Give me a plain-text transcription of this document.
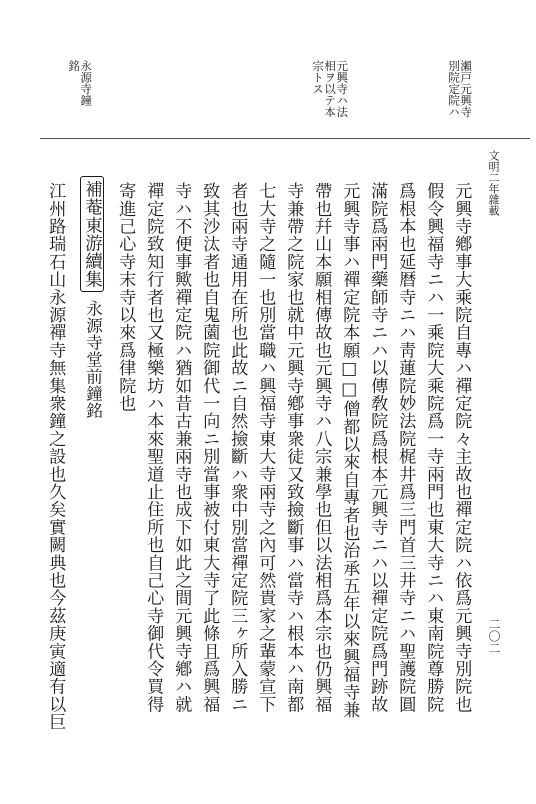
文明二年雜載
二〇二
瀬戸元興寺別院定院ハ
元興寺ハ法相ヲ以テ本宗トス
永源寺鐘銘
元興寺鄕事大乘院自專ハ禪定院々主故也禪定院ハ依爲元興寺別院也
假令興福寺ニハ一乘院大乘院爲一寺兩門也東大寺ニハ東南院尊勝院
爲根本也延暦寺ニハ靑蓮院妙法院梶井爲三門首三井寺ニハ聖護院圓
滿院爲兩門藥師寺ニハ以傳敎院爲根本元興寺ニハ以禪定院爲門跡故
元興寺事ハ禪定院本願□□僧都以來自專者也治承五年以來興福寺兼
帶也幷山本願相傳故也元興寺ハ八宗兼學也但以法相爲本宗也仍興福
寺兼帶之院家也就中元興寺鄕事衆徒又致撿斷事ハ當寺ハ根本ハ南都
七大寺之隨一也別當職ハ興福寺東大寺兩寺之內可然貴家之輩蒙宣下
者也兩寺通用在所也此故ニ自然撿斷ハ衆中別當禪定院三ヶ所入勝ニ
致其沙汰者也自鬼薗院御代一向ニ別當事被付東大寺了此條且爲興福
寺ハ不便事歟禪定院ハ猶如昔古兼兩寺也成下如此之間元興寺鄕ハ就
禪定院致知行者也又極樂坊ハ本來聖道止住所也自己心寺御代令買得
寄進己心寺末寺以來爲律院也
補菴東游續集
永源寺堂前鐘銘
江州路瑞石山永源禪寺無集衆鐘之設也久矣實闕典也今茲庚寅適有以巨
